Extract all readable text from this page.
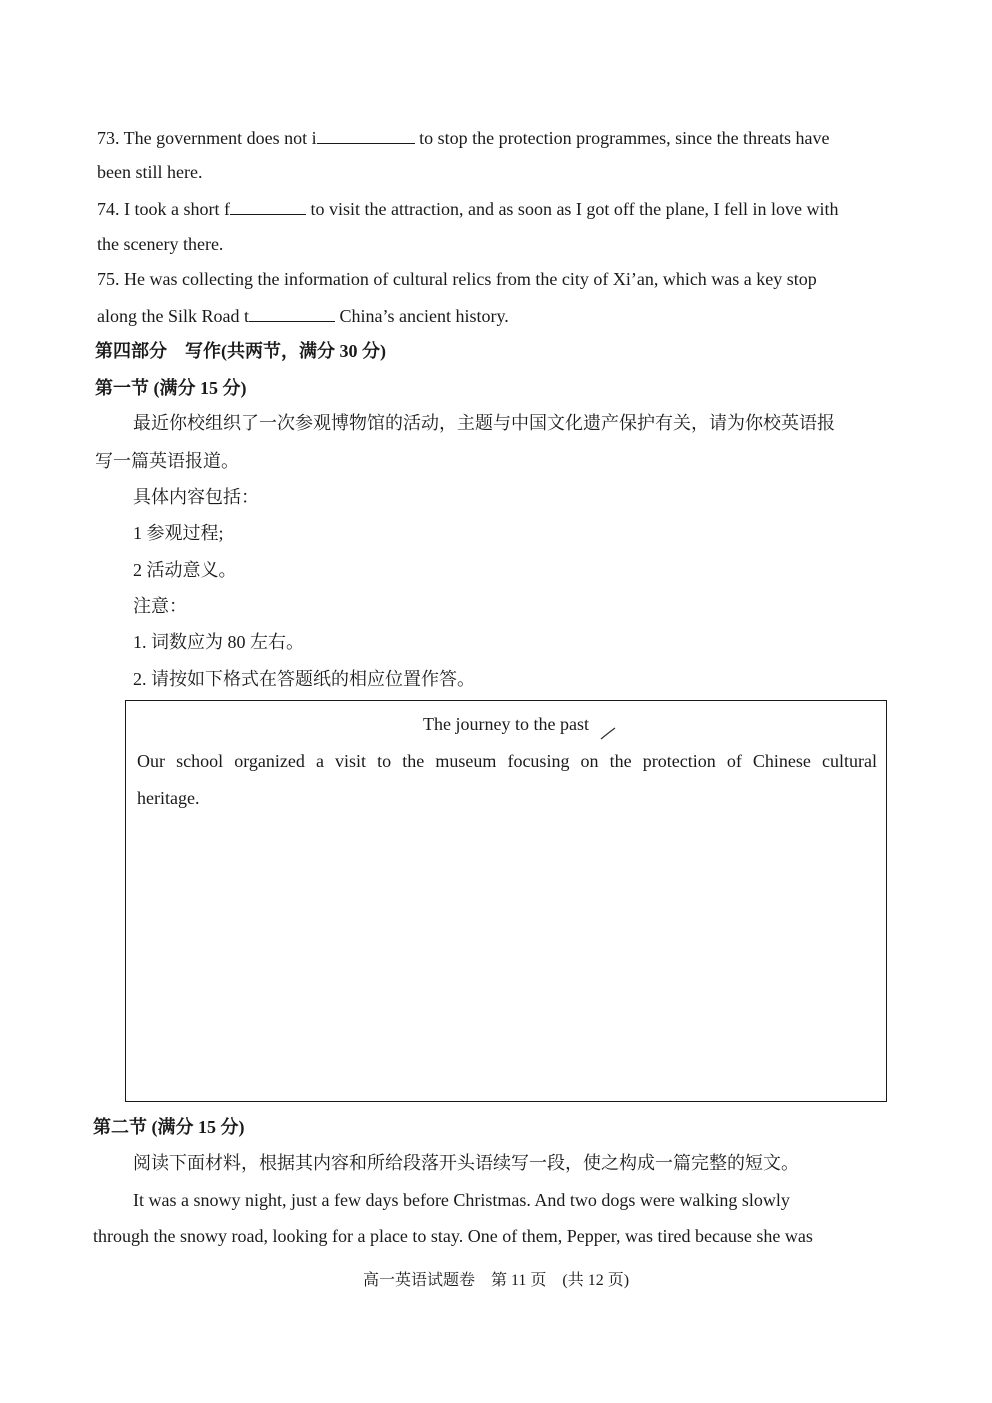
73. The government does not i	to stop the protection programmes, since the threats have
been still here.
74. I took a short f	to visit the attraction, and as soon as I got off the plane, I fell in love with
the scenery there.
75. He was collecting the information of cultural relics from the city of Xi’an, which was a key stop
along the Silk Road t	China’s ancient history.
第四部分　写作(共两节，满分 30 分)
第一节 (满分 15 分)
最近你校组织了一次参观博物馆的活动，主题与中国文化遗产保护有关，请为你校英语报
写一篇英语报道。
具体内容包括：
1 参观过程;
2 活动意义。
注意：
1. 词数应为 80 左右。
2. 请按如下格式在答题纸的相应位置作答。
The journey to the past
Our school organized a visit to the museum focusing on the protection of Chinese cultural
heritage.
第二节 (满分 15 分)
阅读下面材料，根据其内容和所给段落开头语续写一段，使之构成一篇完整的短文。
It was a snowy night, just a few days before Christmas. And two dogs were walking slowly
through the snowy road, looking for a place to stay. One of them, Pepper, was tired because she was
高一英语试题卷　第 11 页　(共 12 页)
